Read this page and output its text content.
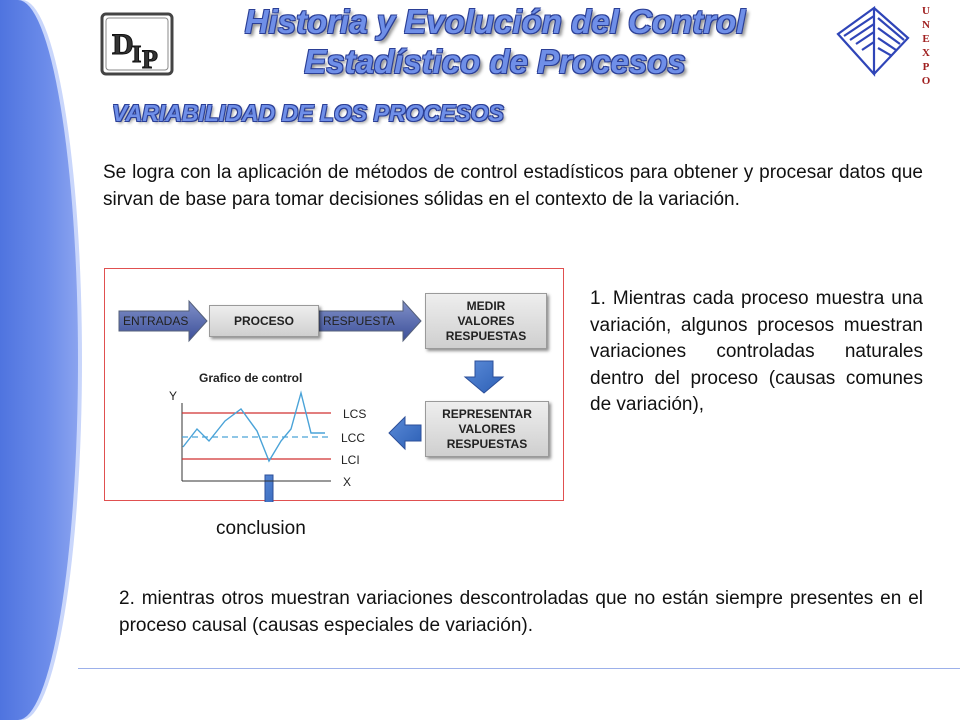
D
I P
U
N
E
X
P
O
Historia y Evolución del Control
Estadístico de Procesos
VARIABILIDAD DE LOS PROCESOS
Se logra con la aplicación de métodos de control estadísticos para obtener y procesar datos que sirvan de base para tomar decisiones sólidas en el contexto de la variación.
ENTRADAS	RESPUESTA
PROCESO
MEDIR
VALORES
RESPUESTAS
REPRESENTAR
VALORES
RESPUESTAS
Grafico de control
Y
LCS
LCC
LCI
X
conclusion
1. Mientras cada proceso muestra una variación, algunos procesos muestran variaciones controladas naturales dentro del proceso (causas comunes de variación),
2. mientras otros muestran variaciones descontroladas que no están siempre presentes en el proceso causal (causas especiales de variación).
